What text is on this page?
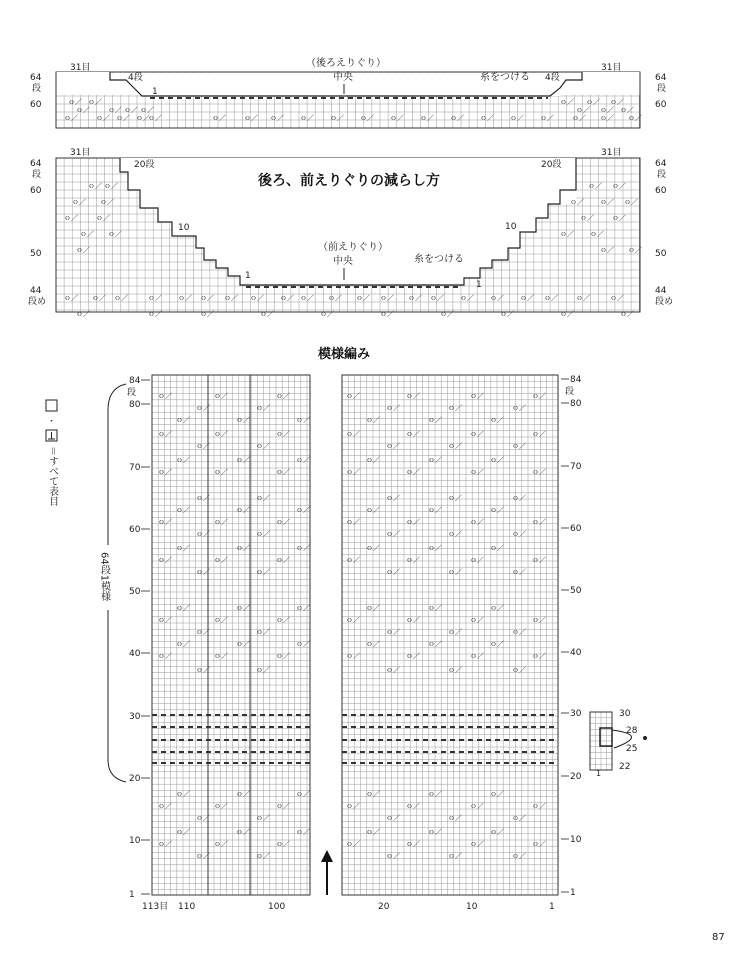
ｏ／ ｏ／
ｏ／	ｏ／ ｏ／ ｏ／
ｏ／	ｏ／ ｏ／ ｏ／
ｏ／	ｏ／	ｏ／ ｏ／ ｏ／ ｏ／ ｏ／ ｏ／ ｏ／ ｏ／ ｏ／ ｏ／ ｏ／	ｏ／ ｏ／ ｏ／
ｏ／ ｏ／ ｏ／
ｏ／ ｏ／ ｏ／
ｏ／ ｏ／
ｏ／ ｏ／
ｏ／	ｏ／
ｏ／ ｏ／
ｏ／
ｏ／ ｏ／ ｏ／	ｏ／ ｏ／ ｏ／ ｏ／ ｏ／ ｏ／ ｏ／ ｏ／ ｏ／ ｏ／ ｏ／ ｏ／ ｏ／ ｏ／ ｏ／ ｏ／	ｏ／	ｏ／
ｏ／	ｏ／	ｏ／	ｏ／	ｏ／	ｏ／	ｏ／	ｏ／	ｏ／	ｏ／
ｏ／ ｏ／
ｏ／ ｏ／ ｏ／
ｏ／	ｏ／
ｏ／ ｏ／
ｏ／ ｏ／
ｏ／	ｏ／	ｏ／	ｏ／	ｏ／	ｏ／	ｏ／
ｏ／	ｏ／	ｏ／	ｏ／	ｏ／
ｏ／	ｏ／	ｏ／	ｏ／	ｏ／	ｏ／
ｏ／	ｏ／	ｏ／	ｏ／	ｏ／	ｏ／	ｏ／
ｏ／	ｏ／	ｏ／	ｏ／	ｏ／
ｏ／	ｏ／	ｏ／	ｏ／	ｏ／	ｏ／
ｏ／	ｏ／	ｏ／	ｏ／	ｏ／	ｏ／	ｏ／
ｏ／	ｏ／	ｏ／	ｏ／	ｏ／
ｏ／	ｏ／	ｏ／	ｏ／	ｏ／	ｏ／
ｏ／	ｏ／	ｏ／	ｏ／	ｏ／	ｏ／	ｏ／
ｏ／	ｏ／	ｏ／	ｏ／	ｏ／
ｏ／	ｏ／	ｏ／	ｏ／	ｏ／	ｏ／
ｏ／	ｏ／	ｏ／	ｏ／	ｏ／	ｏ／	ｏ／
ｏ／	ｏ／	ｏ／	ｏ／	ｏ／
ｏ／	ｏ／	ｏ／	ｏ／	ｏ／	ｏ／
ｏ／	ｏ／	ｏ／	ｏ／	ｏ／	ｏ／	ｏ／
ｏ／	ｏ／	ｏ／	ｏ／	ｏ／
ｏ／	ｏ／	ｏ／	ｏ／	ｏ／	ｏ／
ｏ／	ｏ／	ｏ／	ｏ／	ｏ／	ｏ／	ｏ／
ｏ／	ｏ／	ｏ／	ｏ／	ｏ／
ｏ／	ｏ／	ｏ／	ｏ／	ｏ／	ｏ／
ｏ／	ｏ／	ｏ／	ｏ／	ｏ／	ｏ／	ｏ／
ｏ／	ｏ／	ｏ／	ｏ／	ｏ／
ｏ／	ｏ／	ｏ／	ｏ／	ｏ／	ｏ／
ｏ／	ｏ／	ｏ／	ｏ／	ｏ／	ｏ／	ｏ／
ｏ／	ｏ／	ｏ／	ｏ／	ｏ／
（後ろえりぐり）
中央	糸をつける
31目	31目
4段	4段
1
64
段
60
64
段
60
後ろ、前えりぐりの減らし方
（前えりぐり）
中央	糸をつける
31目	31目
20段	20段
10	10
1
1
64
段
60
50
44
段め
64
段
60
50
44
段め
模様編み
・
＝すべて表目
64段1模様
84
80
70
60
50
40
30
20
10
1
段
84
80
70
60
50
40
30
20
10
1
段
113目 110	100	20	10	1
30
28
25
22
1
87
